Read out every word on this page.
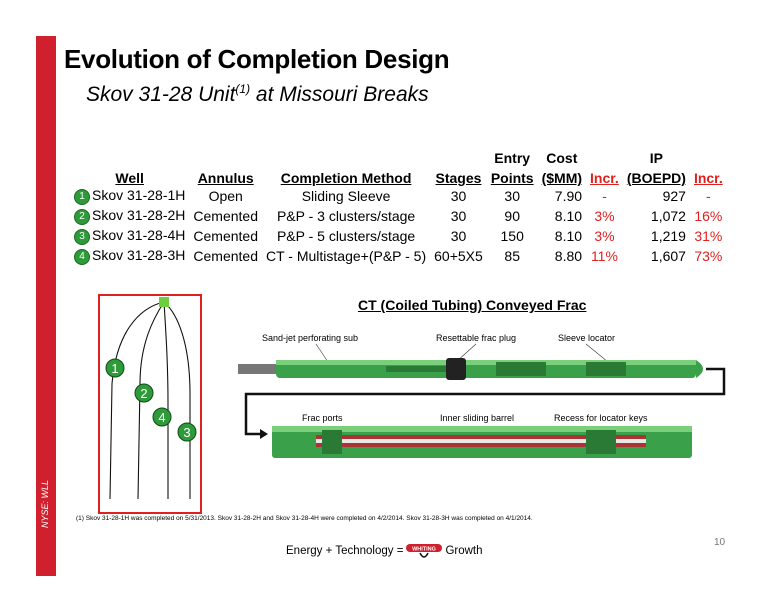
NYSE: WLL
Evolution of Completion Design
Skov 31-28 Unit$^{(1)}$ at Missouri Breaks
				Entry	Cost		IP	
Well	Annulus	Completion Method	Stages	Points	($MM)	Incr.	(BOEPD)	Incr.
1 Skov 31-28-1H	Open	Sliding Sleeve	30	30	7.90	-	927	-
2 Skov 31-28-2H	Cemented	P&P - 3 clusters/stage	30	90	8.10	3%	1,072	16%
3 Skov 31-28-4H	Cemented	P&P - 5 clusters/stage	30	150	8.10	3%	1,219	31%
4 Skov 31-28-3H	Cemented	CT - Multistage+(P&P - 5)	60+5X5	85	8.80	11%	1,607	73%
1
2
4
3
CT (Coiled Tubing) Conveyed Frac
Sand-jet perforating sub	Resettable frac plug	Sleeve locator
Frac ports	Inner sliding barrel	Recess for locator keys
(1) Skov 31-28-1H was completed on 5/31/2013. Skov 31-28-2H and Skov 31-28-4H were completed on 4/2/2014. Skov 31-28-3H was completed on 4/1/2014.
Energy + Technology = WHITING Growth
10
